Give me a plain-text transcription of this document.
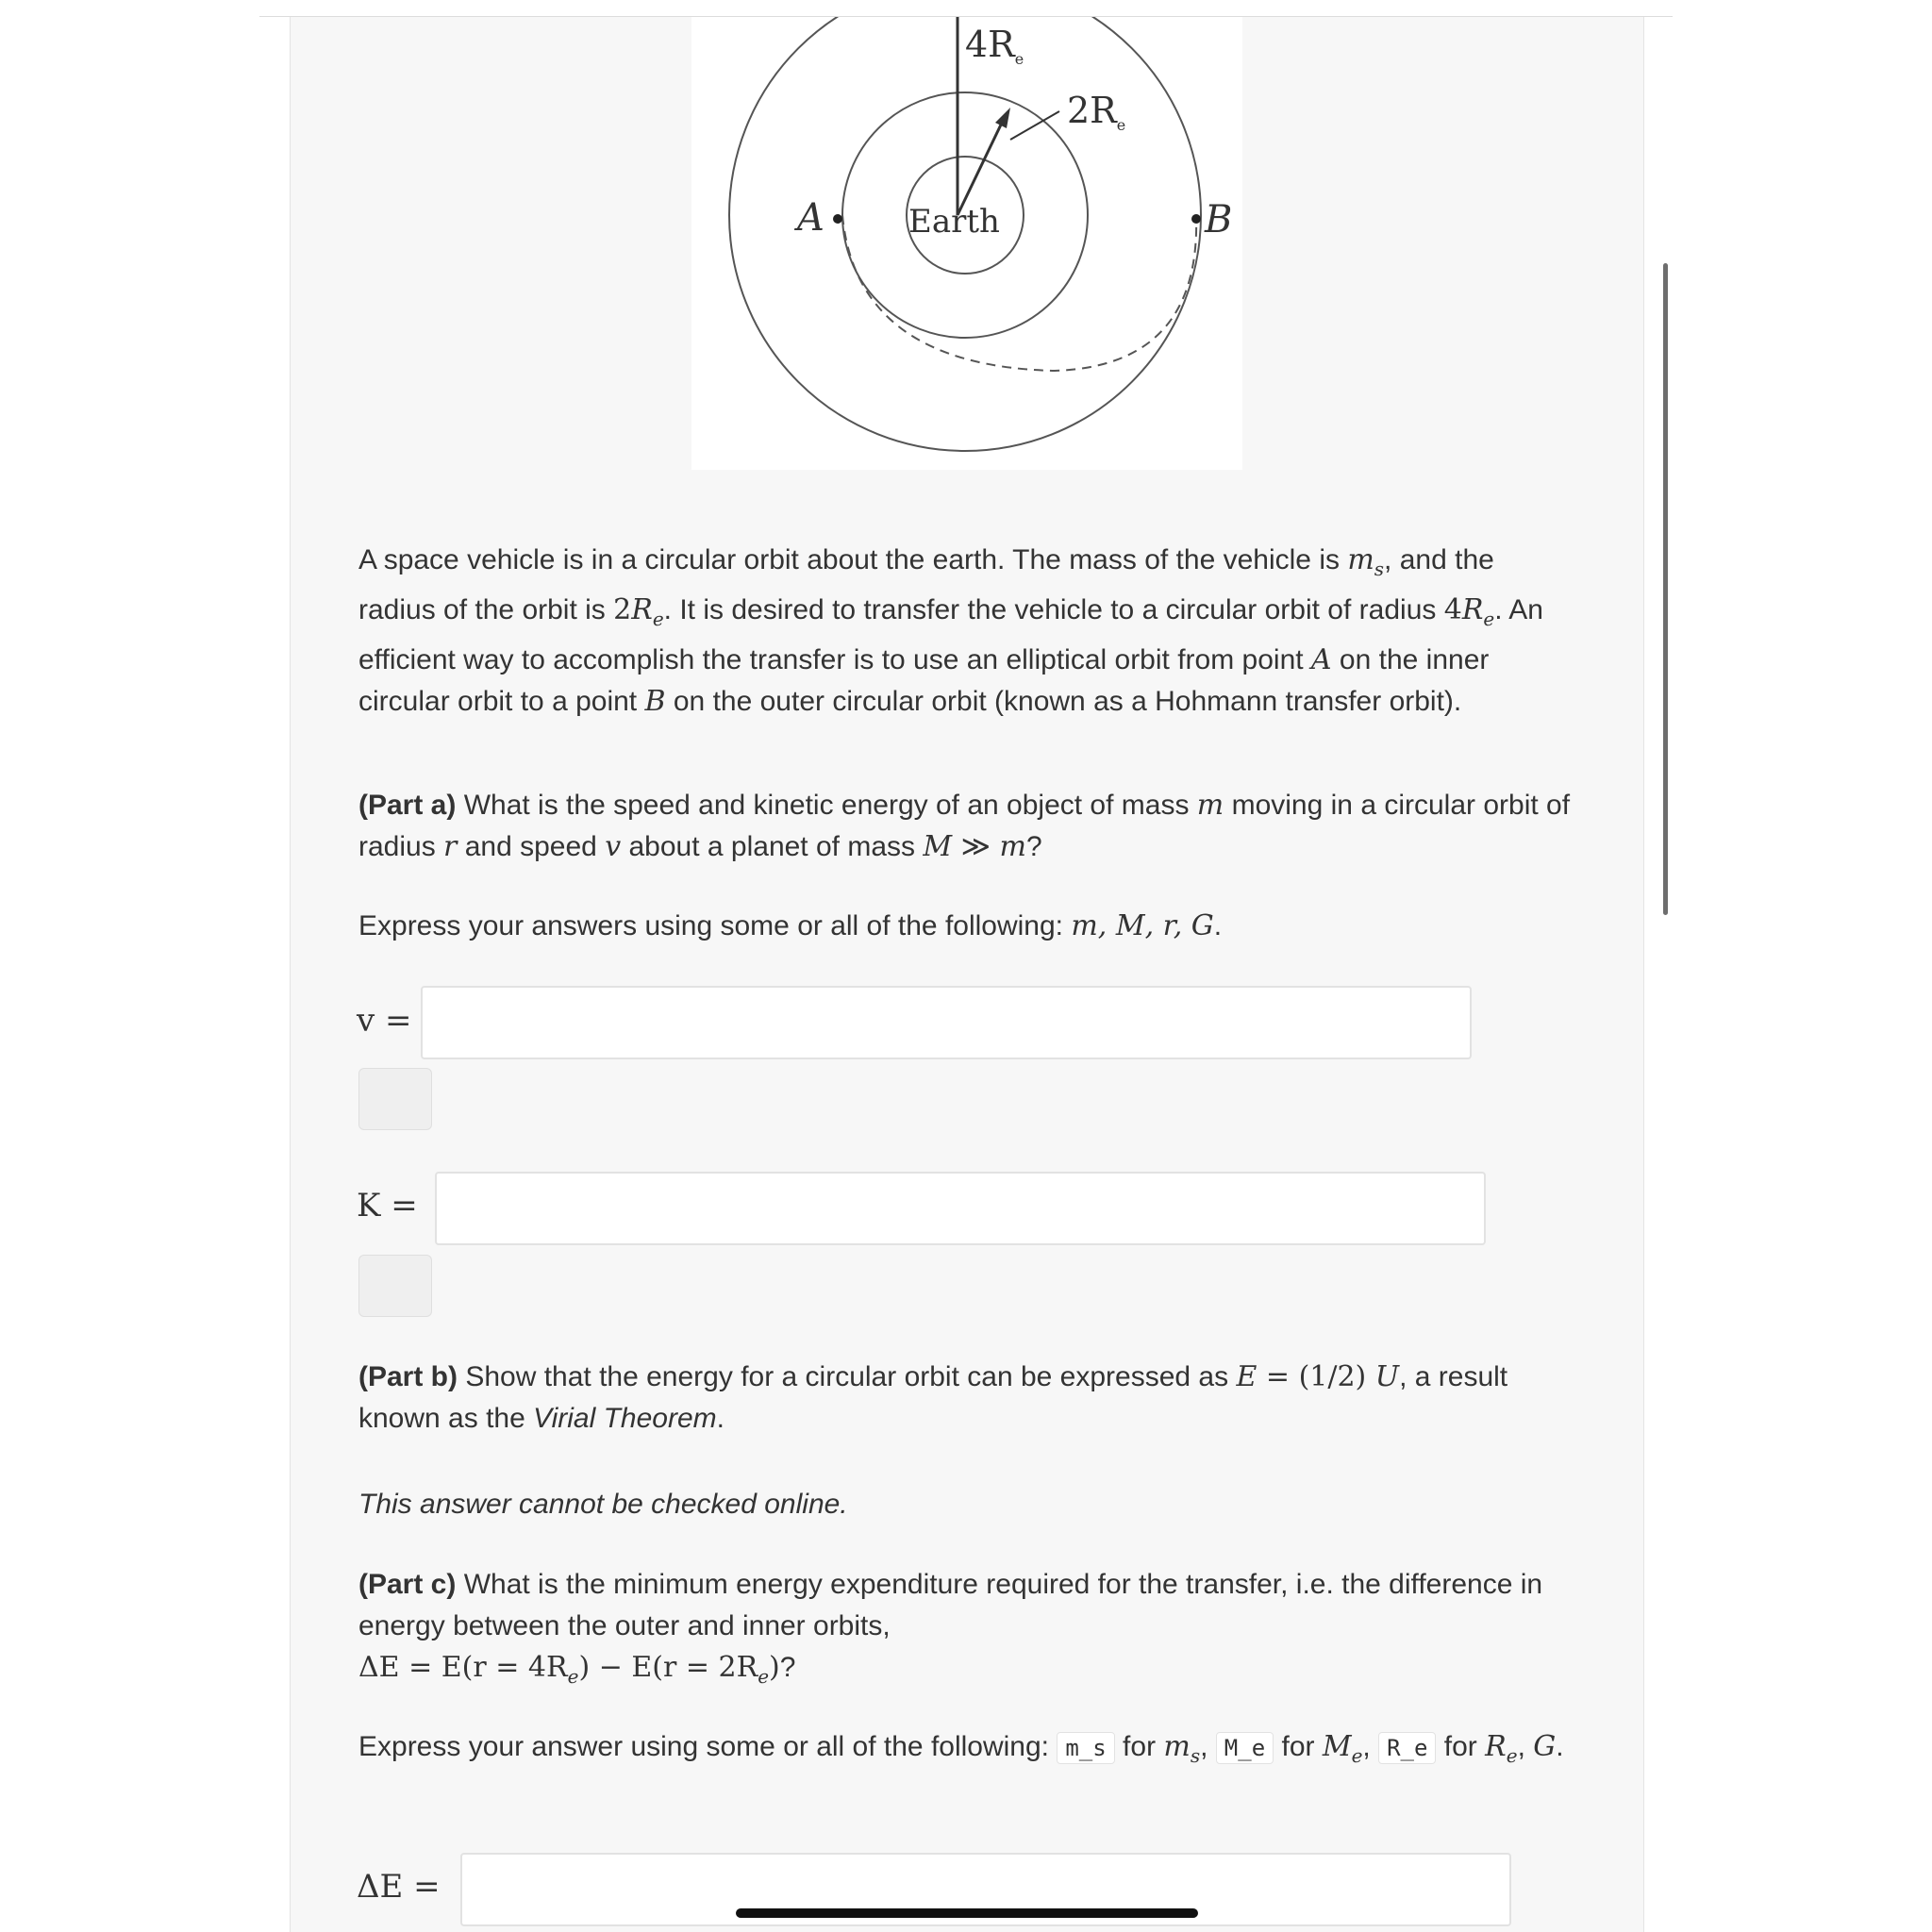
$4R_e$
$2R_e$
A	B
Earth
A space vehicle is in a circular orbit about the earth. The mass of the vehicle is $m_s$, and the radius of the orbit is $2R_e$. It is desired to transfer the vehicle to a circular orbit of radius $4R_e$. An efficient way to accomplish the transfer is to use an elliptical orbit from point A on the inner circular orbit to a point B on the outer circular orbit (known as a Hohmann transfer orbit).
(Part a) What is the speed and kinetic energy of an object of mass m moving in a circular orbit of radius r and speed v about a planet of mass M ≫ m?
Express your answers using some or all of the following: m, M, r, G.
v =
K =
(Part b) Show that the energy for a circular orbit can be expressed as E = (1/2) U, a result known as the Virial Theorem.
This answer cannot be checked online.
(Part c) What is the minimum energy expenditure required for the transfer, i.e. the difference in energy between the outer and inner orbits,
$\Delta E = E(r = 4R_e) - E(r = 2R_e)$?
Express your answer using some or all of the following: m_s for $m_s$, M_e for $M_e$, R_e for $R_e$, G.
ΔE =
